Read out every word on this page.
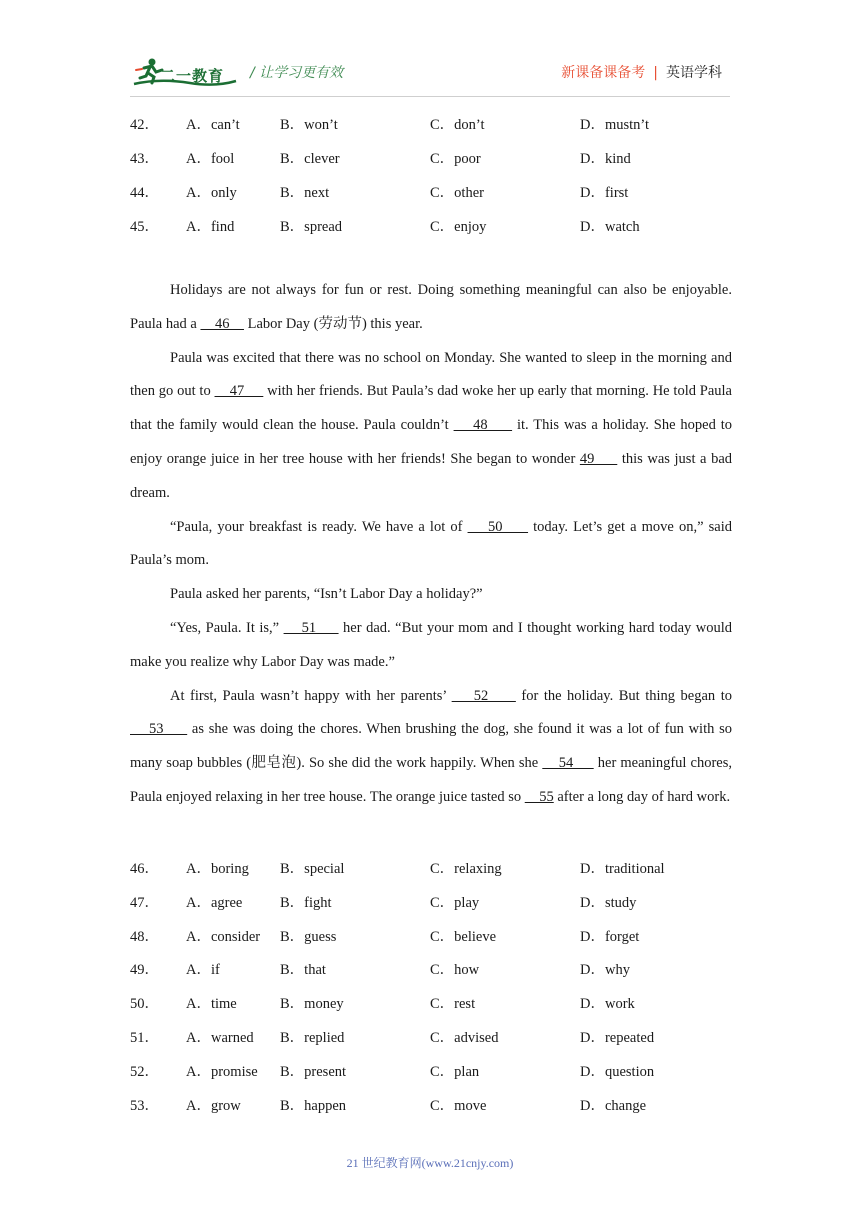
二一教育 / 让学习更有效	新课备课备考 | 英语学科
42． A．can’t	B．won’t	C．don’t	D．mustn’t
43． A．fool	B．clever	C．poor	D．kind
44． A．only	B．next	C．other	D．first
45． A．find	B．spread	C．enjoy	D．watch
Holidays are not always for fun or rest. Doing something meaningful can also be enjoyable. Paula had a     46     Labor Day (劳动节) this year.
Paula was excited that there was no school on Monday. She wanted to sleep in the morning and then go out to     47      with her friends. But Paula’s dad woke her up early that morning. He told Paula that the family would clean the house. Paula couldn’t     48      it. This was a holiday. She hoped to enjoy orange juice in her tree house with her friends! She began to wonder 49      this was just a bad dream.
“Paula, your breakfast is ready. We have a lot of     50      today. Let’s get a move on,” said Paula’s mom.
Paula asked her parents, “Isn’t Labor Day a holiday?”
“Yes, Paula. It is,”     51      her dad. “But your mom and I thought working hard today would make you realize why Labor Day was made.”
At first, Paula wasn’t happy with her parents’     52      for the holiday. But thing began to     53      as she was doing the chores. When brushing the dog, she found it was a lot of fun with so many soap bubbles (肥皂泡). So she did the work happily. When she     54      her meaningful chores, Paula enjoyed relaxing in her tree house. The orange juice tasted so     55 after a long day of hard work.
46． A．boring B．special	C．relaxing	D．traditional
47． A．agree	B．fight	C．play	D．study
48． A．consider B．guess	C．believe	D．forget
49． A．if	B．that	C．how	D．why
50． A．time	B．money	C．rest	D．work
51． A．warned B．replied	C．advised	D．repeated
52． A．promise B．present	C．plan	D．question
53． A．grow	B．happen	C．move	D．change
21 世纪教育网(www.21cnjy.com)
